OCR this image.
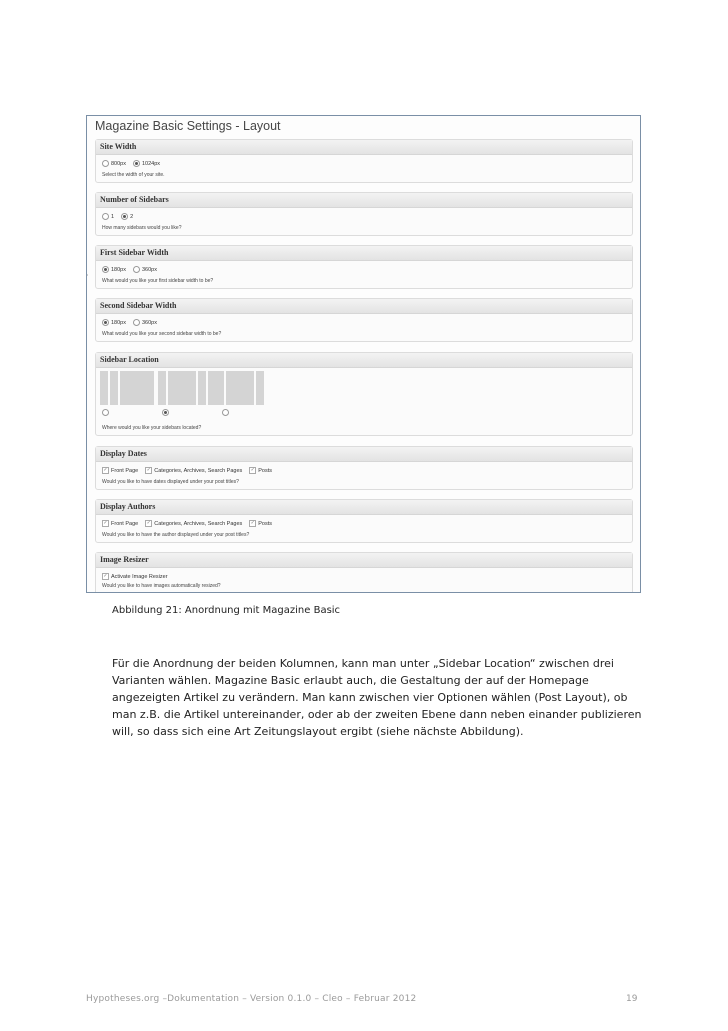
Magazine Basic Settings - Layout
Site Width
800px	1024px
Select the width of your site.
Number of Sidebars
1	2
How many sidebars would you like?
First Sidebar Width
180px	360px
What would you like your first sidebar width to be?
Second Sidebar Width
180px	360px
What would you like your second sidebar width to be?
Sidebar Location
Where would you like your sidebars located?
Display Dates
✓ Front Page ✓ Categories, Archives, Search Pages ✓ Posts
Would you like to have dates displayed under your post titles?
Display Authors
✓ Front Page ✓ Categories, Archives, Search Pages ✓ Posts
Would you like to have the author displayed under your post titles?
Image Resizer
✓ Activate Image Resizer
Would you like to have images automatically resized?
Abbildung 21: Anordnung mit Magazine Basic
Für die Anordnung der beiden Kolumnen, kann man unter „Sidebar Location“ zwischen drei Varianten wählen. Magazine Basic erlaubt auch, die Gestaltung der auf der Homepage angezeigten Artikel zu verändern. Man kann zwischen vier Optionen wählen (Post Layout), ob man z.B. die Artikel untereinander, oder ab der zweiten Ebene dann neben einander publizieren will, so dass sich eine Art Zeitungslayout ergibt (siehe nächste Abbildung).
Hypotheses.org –Dokumentation – Version 0.1.0 – Cleo – Februar 2012	19
